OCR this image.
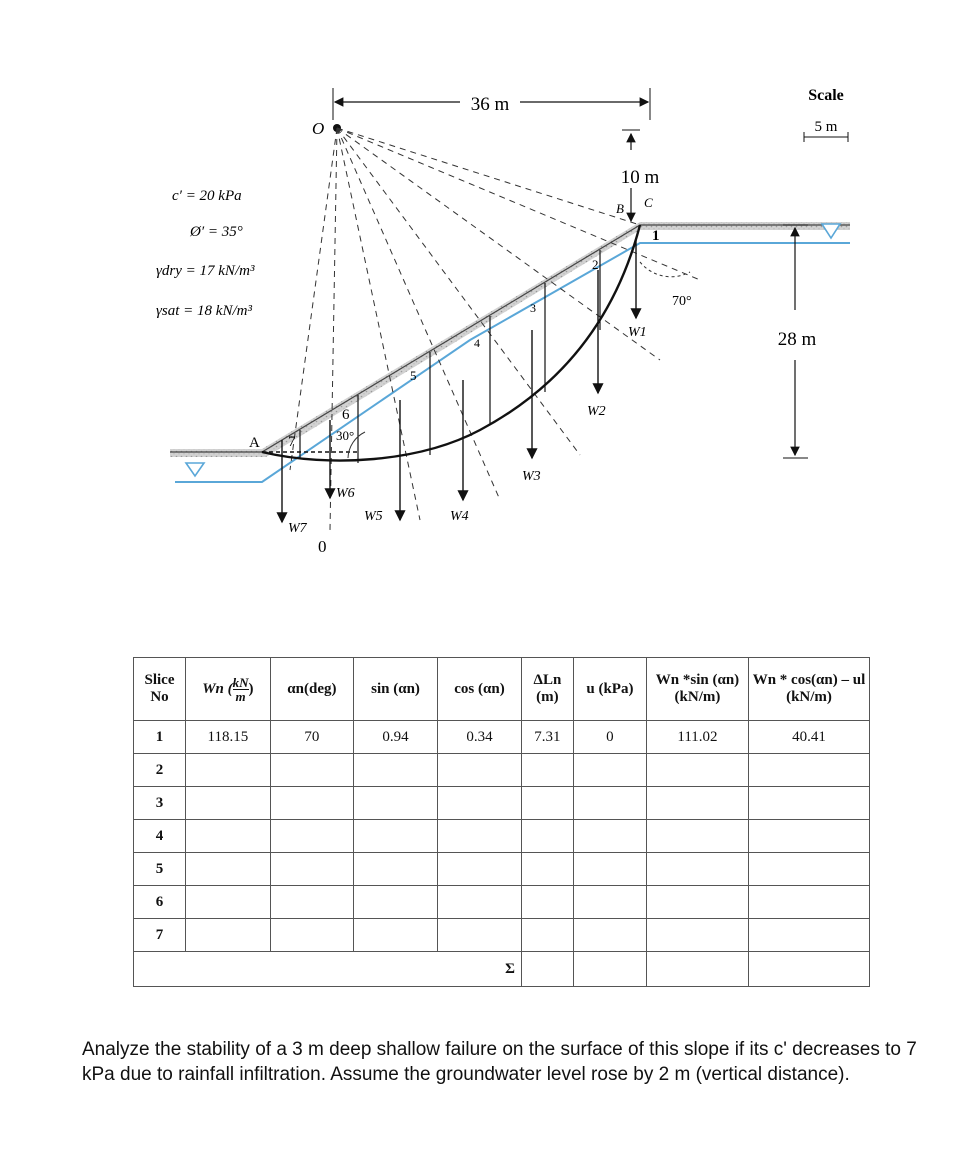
36 m
10 m
28 m
Scale
5 m
O
0
A
B C
70°
30°
c′ = 20 kPa
Ø′ = 35°
γdry = 17 kN/m³
γsat = 18 kN/m³
1
2
3
4
5
6
7
W1
W2
W3
W4
W5
W6
W7
Slice No	Wn ( $\frac{kN}{m}$ )	αn(deg)	sin (αn)	cos (αn)	ΔLn (m)	u (kPa)	Wn *sin (αn) (kN/m)	Wn * cos(αn) – ul (kN/m)
1	118.15	70	0.94	0.34	7.31	0	111.02	40.41
2								
3								
4								
5								
6								
7								
Σ								
Analyze the stability of a 3 m deep shallow failure on the surface of this slope if its c' decreases to 7 kPa due to rainfall infiltration. Assume the groundwater level rose by 2 m (vertical distance).
